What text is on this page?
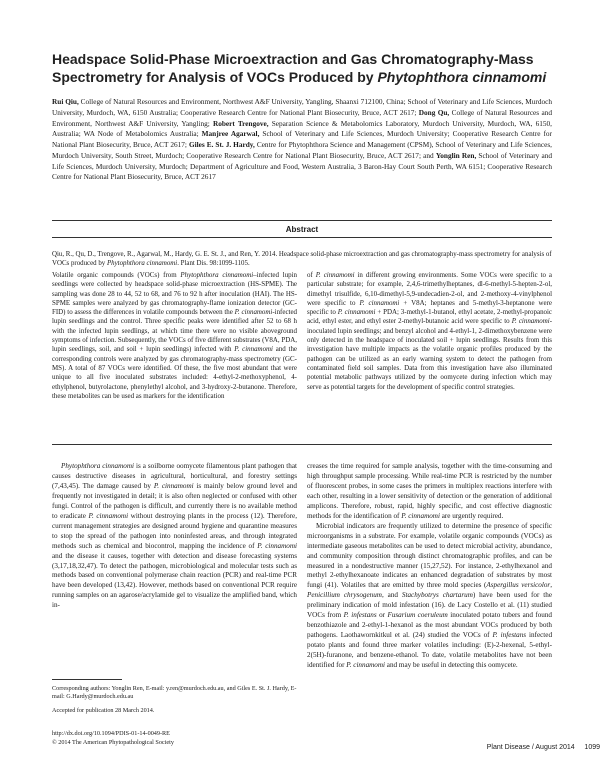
Headspace Solid-Phase Microextraction and Gas Chromatography-Mass Spectrometry for Analysis of VOCs Produced by Phytophthora cinnamomi

Rui Qiu, College of Natural Resources and Environment, Northwest A&F University, Yangling, Shaanxi 712100, China; School of Veterinary and Life Sciences, Murdoch University, Murdoch, WA, 6150 Australia; Cooperative Research Centre for National Plant Biosecurity, Bruce, ACT 2617; Dong Qu, College of Natural Resources and Environment, Northwest A&F University, Yangling; Robert Trengove, Separation Science & Metabolomics Laboratory, Murdoch University, Murdoch, WA, 6150, Australia; WA Node of Metabolomics Australia; Manjree Agarwal, School of Veterinary and Life Sciences, Murdoch University; Cooperative Research Centre for National Plant Biosecurity, Bruce, ACT 2617; Giles E. St. J. Hardy, Centre for Phytophthora Science and Management (CPSM), School of Veterinary and Life Sciences, Murdoch University, South Street, Murdoch; Cooperative Research Centre for National Plant Biosecurity, Bruce, ACT 2617; and Yonglin Ren, School of Veterinary and Life Sciences, Murdoch University, Murdoch; Department of Agriculture and Food, Western Australia, 3 Baron-Hay Court South Perth, WA 6151; Cooperative Research Centre for National Plant Biosecurity, Bruce, ACT 2617

Abstract

Qiu, R., Qu, D., Trengove, R., Agarwal, M., Hardy, G. E. St. J., and Ren, Y. 2014. Headspace solid-phase microextraction and gas chromatography-mass spectrometry for analysis of VOCs produced by Phytophthora cinnamomi. Plant Dis. 98:1099-1105.

Volatile organic compounds (VOCs) from Phytophthora cinnamomi–infected lupin seedlings were collected by headspace solid-phase microextraction (HS-SPME). The sampling was done 28 to 44, 52 to 68, and 76 to 92 h after inoculation (HAI). The HS-SPME samples were analyzed by gas chromatography-flame ionization detector (GC-FID) to assess the differences in volatile compounds between the P. cinnamomi-infected lupin seedlings and the control. Three specific peaks were identified after 52 to 68 h with the infected lupin seedlings, at which time there were no visible aboveground symptoms of infection. Subsequently, the VOCs of five different substrates (V8A, PDA, lupin seedlings, soil, and soil + lupin seedlings) infected with P. cinnamomi and the corresponding controls were analyzed by gas chromatography-mass spectrometry (GC-MS). A total of 87 VOCs were identified. Of these, the five most abundant that were unique to all five inoculated substrates included: 4-ethyl-2-methoxyphenol, 4-ethylphenol, butyrolactone, phenylethyl alcohol, and 3-hydroxy-2-butanone. Therefore, these metabolites can be used as markers for the identification

of P. cinnamomi in different growing environments. Some VOCs were specific to a particular substrate; for example, 2,4,6-trimethylheptanes, dl-6-methyl-5-hepten-2-ol, dimethyl trisulfide, 6,10-dimethyl-5,9-undecadien-2-ol, and 2-methoxy-4-vinylphenol were specific to P. cinnamomi + V8A; heptanes and 5-methyl-3-heptanone were specific to P. cinnamomi + PDA; 3-methyl-1-butanol, ethyl acetate, 2-methyl-propanoic acid, ethyl ester, and ethyl ester 2-methyl-butanoic acid were specific to P. cinnamomi-inoculated lupin seedlings; and benzyl alcohol and 4-ethyl-1, 2-dimethoxybenzene were only detected in the headspace of inoculated soil + lupin seedlings. Results from this investigation have multiple impacts as the volatile organic profiles produced by the pathogen can be utilized as an early warning system to detect the pathogen from contaminated field soil samples. Data from this investigation have also illuminated potential metabolic pathways utilized by the oomycete during infection which may serve as potential targets for the development of specific control strategies.

Phytophthora cinnamomi is a soilborne oomycete filamentous plant pathogen that causes destructive diseases in agricultural, horticultural, and forestry settings (7,43,45). The damage caused by P. cinnamomi is mainly below ground level and frequently not investigated in detail; it is also often neglected or confused with other fungi. Control of the pathogen is difficult, and currently there is no available method to eradicate P. cinnamomi without destroying plants in the process (12). Therefore, current management strategies are designed around hygiene and quarantine measures to stop the spread of the pathogen into noninfested areas, and through integrated methods such as chemical and biocontrol, mapping the incidence of P. cinnamomi and the disease it causes, together with detection and disease forecasting systems (3,17,18,32,47). To detect the pathogen, microbiological and molecular tests such as methods based on conventional polymerase chain reaction (PCR) and real-time PCR have been developed (13,42). However, methods based on conventional PCR require running samples on an agarose/acrylamide gel to visualize the amplified band, which in-

Corresponding authors: Yonglin Ren, E-mail: y.ren@murdoch.edu.au, and Giles E. St. J. Hardy, E-mail: G.Hardy@murdoch.edu.au

Accepted for publication 28 March 2014.

http://dx.doi.org/10.1094/PDIS-01-14-0049-RE

© 2014 The American Phytopathological Society

creases the time required for sample analysis, together with the time-consuming and high throughput sample processing. While real-time PCR is restricted by the number of fluorescent probes, in some cases the primers in multiplex reactions interfere with each other, resulting in a lower sensitivity of detection or the generation of additional amplicons. Therefore, robust, rapid, highly specific, and cost effective diagnostic methods for the identification of P. cinnamomi are urgently required.

Microbial indicators are frequently utilized to determine the presence of specific microorganisms in a substrate. For example, volatile organic compounds (VOCs) as intermediate gaseous metabolites can be used to detect microbial activity, abundance, and community composition through distinct chromatographic profiles, and can be measured in a nondestructive manner (15,27,52). For instance, 2-ethylhexanol and methyl 2-ethylhexanoate indicates an enhanced degradation of substrates by most fungi (41). Volatiles that are emitted by three mold species (Aspergillus versicolor, Penicillium chrysogenum, and Stachybotrys chartarum) have been used for the preliminary indication of mold infestation (16). de Lacy Costello et al. (11) studied VOCs from P. infestans or Fusarium coeruleum inoculated potato tubers and found benzothiazole and 2-ethyl-1-hexanol as the most abundant VOCs produced by both pathogens. Laothawornkitkul et al. (24) studied the VOCs of P. infestans infected potato plants and found three marker volatiles including: (E)-2-hexenal, 5-ethyl-2(5H)-furanone, and benzene-ethanol. To date, volatile metabolites have not been identified for P. cinnamomi and may be useful in detecting this oomycete.

Plant Disease / August 2014     1099
